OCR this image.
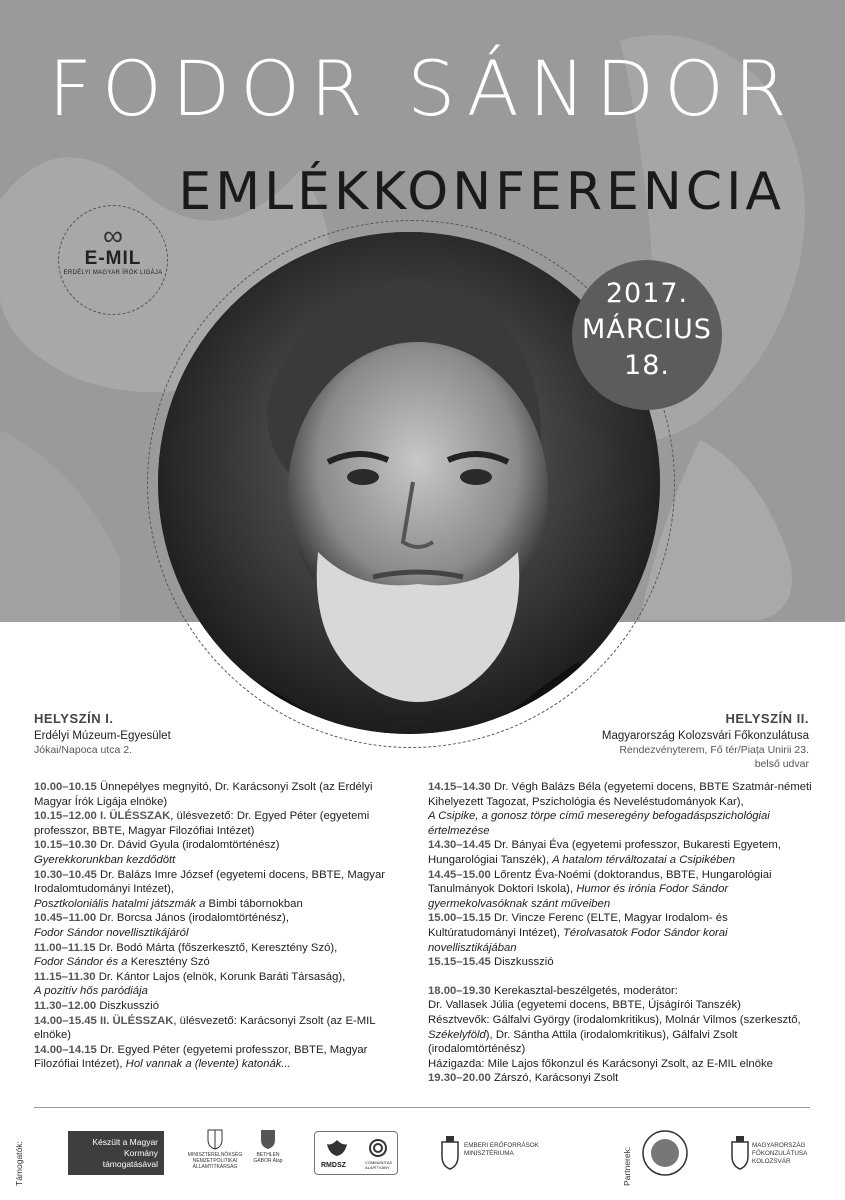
FODOR SÁNDOR
EMLÉKKONFERENCIA
∞
E-MIL
ERDÉLYI MAGYAR ÍRÓK LIGÁJA
2017.
MÁRCIUS
18.
HELYSZÍN I.
Erdélyi Múzeum-Egyesület
Jókai/Napoca utca 2.
HELYSZÍN II.
Magyarország Kolozsvári Főkonzulátusa
Rendezvényterem, Fő tér/Piața Unirii 23.
belső udvar
10.00–10.15 Ünnepélyes megnyitó, Dr. Karácsonyi Zsolt (az Erdélyi Magyar Írók Ligája elnöke)
10.15–12.00 I. ÜLÉSSZAK, ülésvezető: Dr. Egyed Péter (egyetemi professzor, BBTE, Magyar Filozófiai Intézet)
10.15–10.30 Dr. Dávid Gyula (irodalomtörténész)
Gyerekkorunkban kezdődött
10.30–10.45 Dr. Balázs Imre József (egyetemi docens, BBTE, Magyar Irodalomtudományi Intézet),
Posztkoloniális hatalmi játszmák a Bimbi tábornokban
10.45–11.00 Dr. Borcsa János (irodalomtörténész),
Fodor Sándor novellisztikájáról
11.00–11.15 Dr. Bodó Márta (főszerkesztő, Keresztény Szó),
Fodor Sándor és a Keresztény Szó
11.15–11.30 Dr. Kántor Lajos (elnök, Korunk Baráti Társaság),
A pozitív hős paródiája
11.30–12.00 Diszkusszió
14.00–15.45 II. ÜLÉSSZAK, ülésvezető: Karácsonyi Zsolt (az E-MIL elnöke)
14.00–14.15 Dr. Egyed Péter (egyetemi professzor, BBTE, Magyar Filozófiai Intézet), Hol vannak a (levente) katonák...
14.15–14.30 Dr. Végh Balázs Béla (egyetemi docens, BBTE Szatmár-németi Kihelyezett Tagozat, Pszichológia és Neveléstudományok Kar),
A Csipike, a gonosz törpe című meseregény befogadáspszichológiai értelmezése
14.30–14.45 Dr. Bányai Éva (egyetemi professzor, Bukaresti Egyetem, Hungarológiai Tanszék), A hatalom térváltozatai a Csipikében
14.45–15.00 Lőrentz Éva-Noémi (doktorandus, BBTE, Hungarológiai Tanulmányok Doktori Iskola), Humor és irónia Fodor Sándor gyermekolvasóknak szánt műveiben
15.00–15.15 Dr. Vincze Ferenc (ELTE, Magyar Irodalom- és Kultúratudományi Intézet), Térolvasatok Fodor Sándor korai novellisztikájában
15.15–15.45 Diszkusszió
18.00–19.30 Kerekasztal-beszélgetés, moderátor:
Dr. Vallasek Júlia (egyetemi docens, BBTE, Újságírói Tanszék)
Résztvevők: Gálfalvi György (irodalomkritikus), Molnár Vilmos (szerkesztő, Székelyföld), Dr. Sántha Attila (irodalomkritikus), Gálfalvi Zsolt (irodalomtörténész)
Házigazda: Mile Lajos főkonzul és Karácsonyi Zsolt, az E-MIL elnöke
19.30–20.00 Zárszó, Karácsonyi Zsolt
Támogatók:	Készült a Magyar Kormány támogatásával
MINISZTERELNÖKSÉG NEMZETPOLITIKAI ÁLLAMTITKÁRSÁG
BETHLEN GÁBOR Alap
RMDSZ	COMMUNITAS ALAPÍTVÁNY
EMBERI ERŐFORRÁSOK MINISZTÉRIUMA	Partnerek:
MAGYARORSZÁG FŐKONZULÁTUSA KOLOZSVÁR
